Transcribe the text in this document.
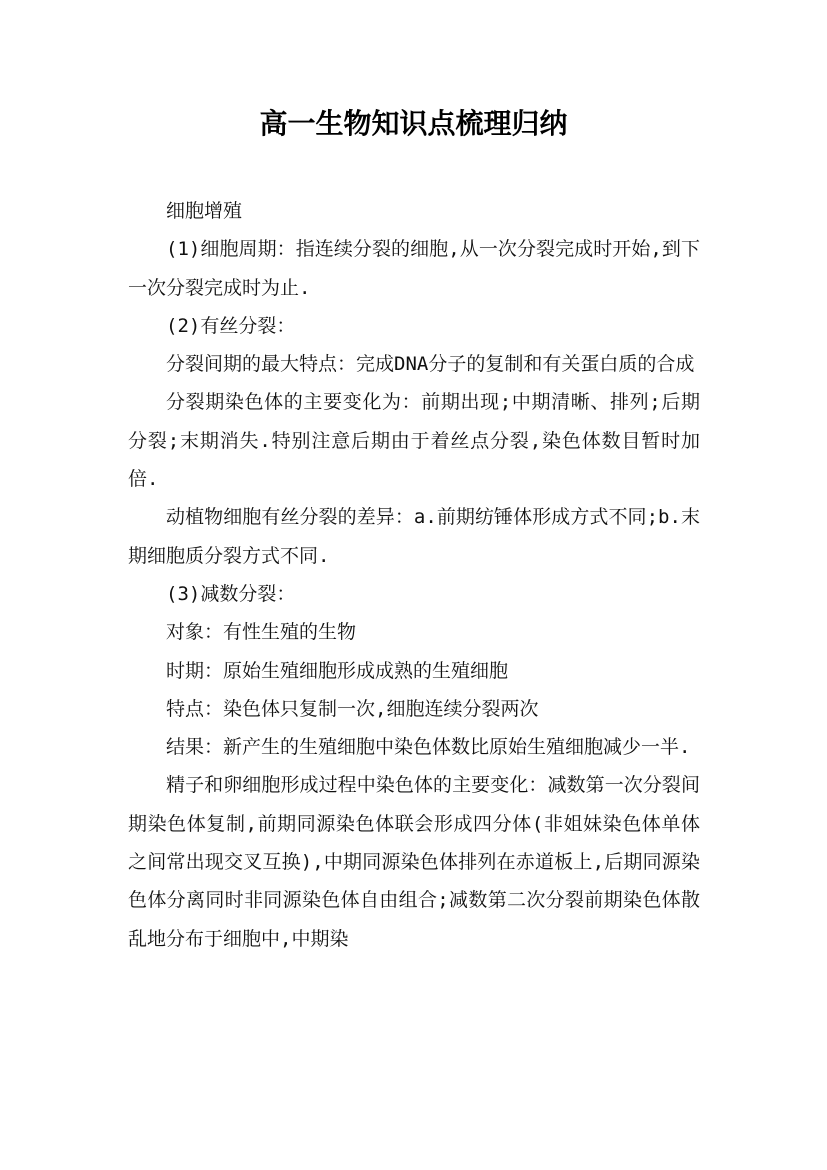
高一生物知识点梳理归纳

细胞增殖

(1)细胞周期：指连续分裂的细胞,从一次分裂完成时开始,到下一次分裂完成时为止.

(2)有丝分裂：

分裂间期的最大特点：完成DNA分子的复制和有关蛋白质的合成

分裂期染色体的主要变化为：前期出现;中期清晰、排列;后期分裂;末期消失.特别注意后期由于着丝点分裂,染色体数目暂时加倍.

动植物细胞有丝分裂的差异：a.前期纺锤体形成方式不同;b.末期细胞质分裂方式不同.

(3)减数分裂：

对象：有性生殖的生物

时期：原始生殖细胞形成成熟的生殖细胞

特点：染色体只复制一次,细胞连续分裂两次

结果：新产生的生殖细胞中染色体数比原始生殖细胞减少一半.

精子和卵细胞形成过程中染色体的主要变化：减数第一次分裂间期染色体复制,前期同源染色体联会形成四分体(非姐妹染色体单体之间常出现交叉互换),中期同源染色体排列在赤道板上,后期同源染色体分离同时非同源染色体自由组合;减数第二次分裂前期染色体散乱地分布于细胞中,中期染
